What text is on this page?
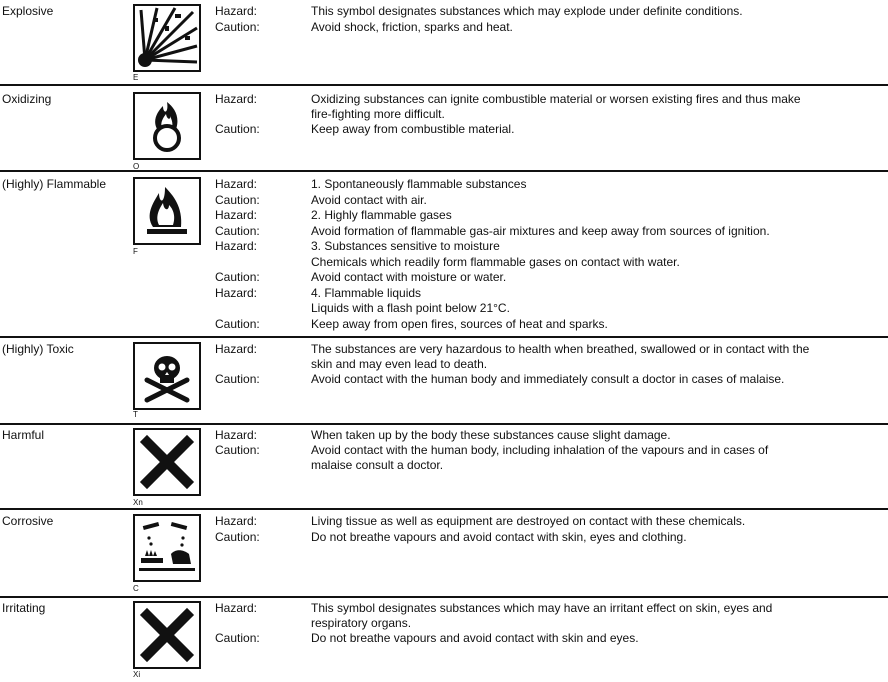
Explosive
E
Hazard:	This symbol designates substances which may explode under definite conditions.
Caution:	Avoid shock, friction, sparks and heat.
Oxidizing
O
Hazard:	Oxidizing substances can ignite combustible material or worsen existing fires and thus make
fire-fighting more difficult.
Caution:	Keep away from combustible material.
(Highly) Flammable
F
Hazard:	1. Spontaneously flammable substances
Caution:	Avoid contact with air.
Hazard:	2. Highly flammable gases
Caution:	Avoid formation of flammable gas-air mixtures and keep away from sources of ignition.
Hazard:	3. Substances sensitive to moisture
Chemicals which readily form flammable gases on contact with water.
Caution:	Avoid contact with moisture or water.
Hazard:	4. Flammable liquids
Liquids with a flash point below 21°C.
Caution:	Keep away from open fires, sources of heat and sparks.
(Highly) Toxic
T
Hazard:	The substances are very hazardous to health when breathed, swallowed or in contact with the
skin and may even lead to death.
Caution:	Avoid contact with the human body and immediately consult a doctor in cases of malaise.
Harmful
Xn
Hazard:	When taken up by the body these substances cause slight damage.
Caution:	Avoid contact with the human body, including inhalation of the vapours and in cases of
malaise consult a doctor.
Corrosive
C
Hazard:	Living tissue as well as equipment are destroyed on contact with these chemicals.
Caution:	Do not breathe vapours and avoid contact with skin, eyes and clothing.
Irritating
Xi
Hazard:	This symbol designates substances which may have an irritant effect on skin, eyes and
respiratory organs.
Caution:	Do not breathe vapours and avoid contact with skin and eyes.
